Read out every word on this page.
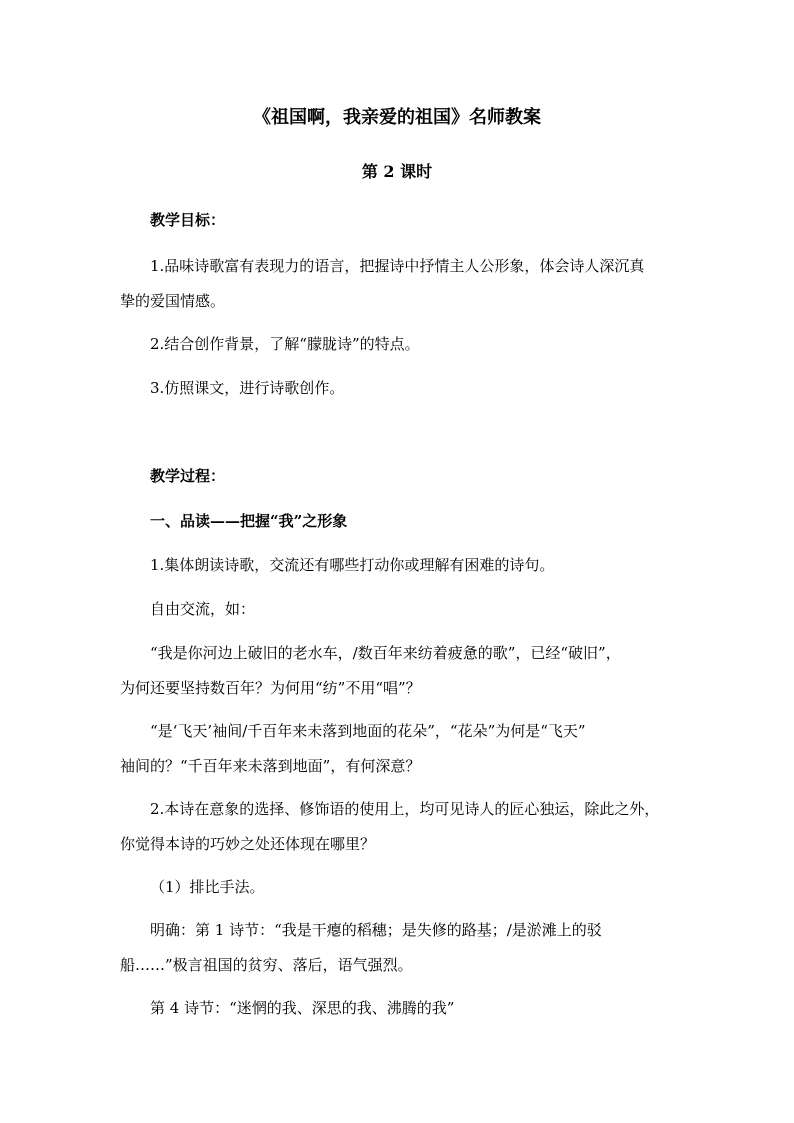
《祖国啊，我亲爱的祖国》名师教案
第 2 课时
教学目标：
1.品味诗歌富有表现力的语言，把握诗中抒情主人公形象，体会诗人深沉真
挚的爱国情感。
2.结合创作背景，了解“朦胧诗”的特点。
3.仿照课文，进行诗歌创作。
教学过程：
一、品读——把握“我”之形象
1.集体朗读诗歌，交流还有哪些打动你或理解有困难的诗句。
自由交流，如：
“我是你河边上破旧的老水车，/数百年来纺着疲惫的歌”，已经“破旧”，
为何还要坚持数百年？为何用“纺”不用“唱”？
“是‘飞天’袖间/千百年来未落到地面的花朵”，“花朵”为何是“飞天”
袖间的？“千百年来未落到地面”，有何深意？
2.本诗在意象的选择、修饰语的使用上，均可见诗人的匠心独运，除此之外，
你觉得本诗的巧妙之处还体现在哪里？
（1）排比手法。
明确：第 1 诗节：“我是干瘪的稻穗；是失修的路基；/是淤滩上的驳
船……”极言祖国的贫穷、落后，语气强烈。
第 4 诗节：“迷惘的我、深思的我、沸腾的我”
